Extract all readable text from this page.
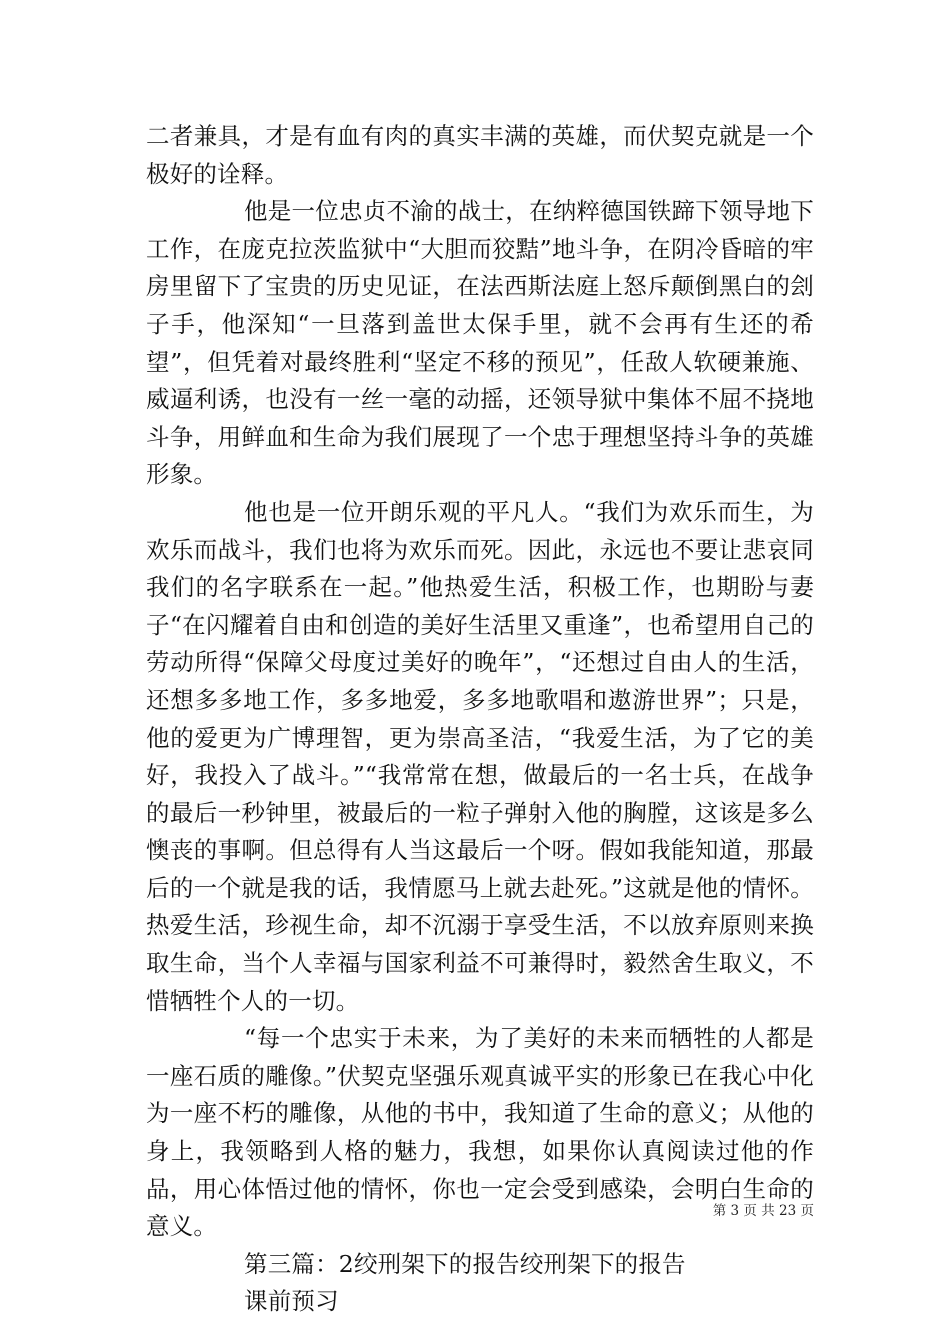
二者兼具，才是有血有肉的真实丰满的英雄，而伏契克就是一个极好的诠释。

他是一位忠贞不渝的战士，在纳粹德国铁蹄下领导地下工作，在庞克拉茨监狱中“大胆而狡黠”地斗争，在阴冷昏暗的牢房里留下了宝贵的历史见证，在法西斯法庭上怒斥颠倒黑白的刽子手，他深知“一旦落到盖世太保手里，就不会再有生还的希望”，但凭着对最终胜利“坚定不移的预见”，任敌人软硬兼施、威逼利诱，也没有一丝一毫的动摇，还领导狱中集体不屈不挠地斗争，用鲜血和生命为我们展现了一个忠于理想坚持斗争的英雄形象。

他也是一位开朗乐观的平凡人。“我们为欢乐而生，为欢乐而战斗，我们也将为欢乐而死。因此，永远也不要让悲哀同我们的名字联系在一起。”他热爱生活，积极工作，也期盼与妻子“在闪耀着自由和创造的美好生活里又重逢”，也希望用自己的劳动所得“保障父母度过美好的晚年”，“还想过自由人的生活，还想多多地工作，多多地爱，多多地歌唱和遨游世界”；只是，他的爱更为广博理智，更为崇高圣洁，“我爱生活，为了它的美好，我投入了战斗。”“我常常在想，做最后的一名士兵，在战争的最后一秒钟里，被最后的一粒子弹射入他的胸膛，这该是多么懊丧的事啊。但总得有人当这最后一个呀。假如我能知道，那最后的一个就是我的话，我情愿马上就去赴死。”这就是他的情怀。热爱生活，珍视生命，却不沉溺于享受生活，不以放弃原则来换取生命，当个人幸福与国家利益不可兼得时，毅然舍生取义，不惜牺牲个人的一切。

“每一个忠实于未来，为了美好的未来而牺牲的人都是一座石质的雕像。”伏契克坚强乐观真诚平实的形象已在我心中化为一座不朽的雕像，从他的书中，我知道了生命的意义；从他的身上，我领略到人格的魅力，我想，如果你认真阅读过他的作品，用心体悟过他的情怀，你也一定会受到感染，会明白生命的意义。

第三篇：2绞刑架下的报告绞刑架下的报告

课前预习

第 3 页 共 23 页
